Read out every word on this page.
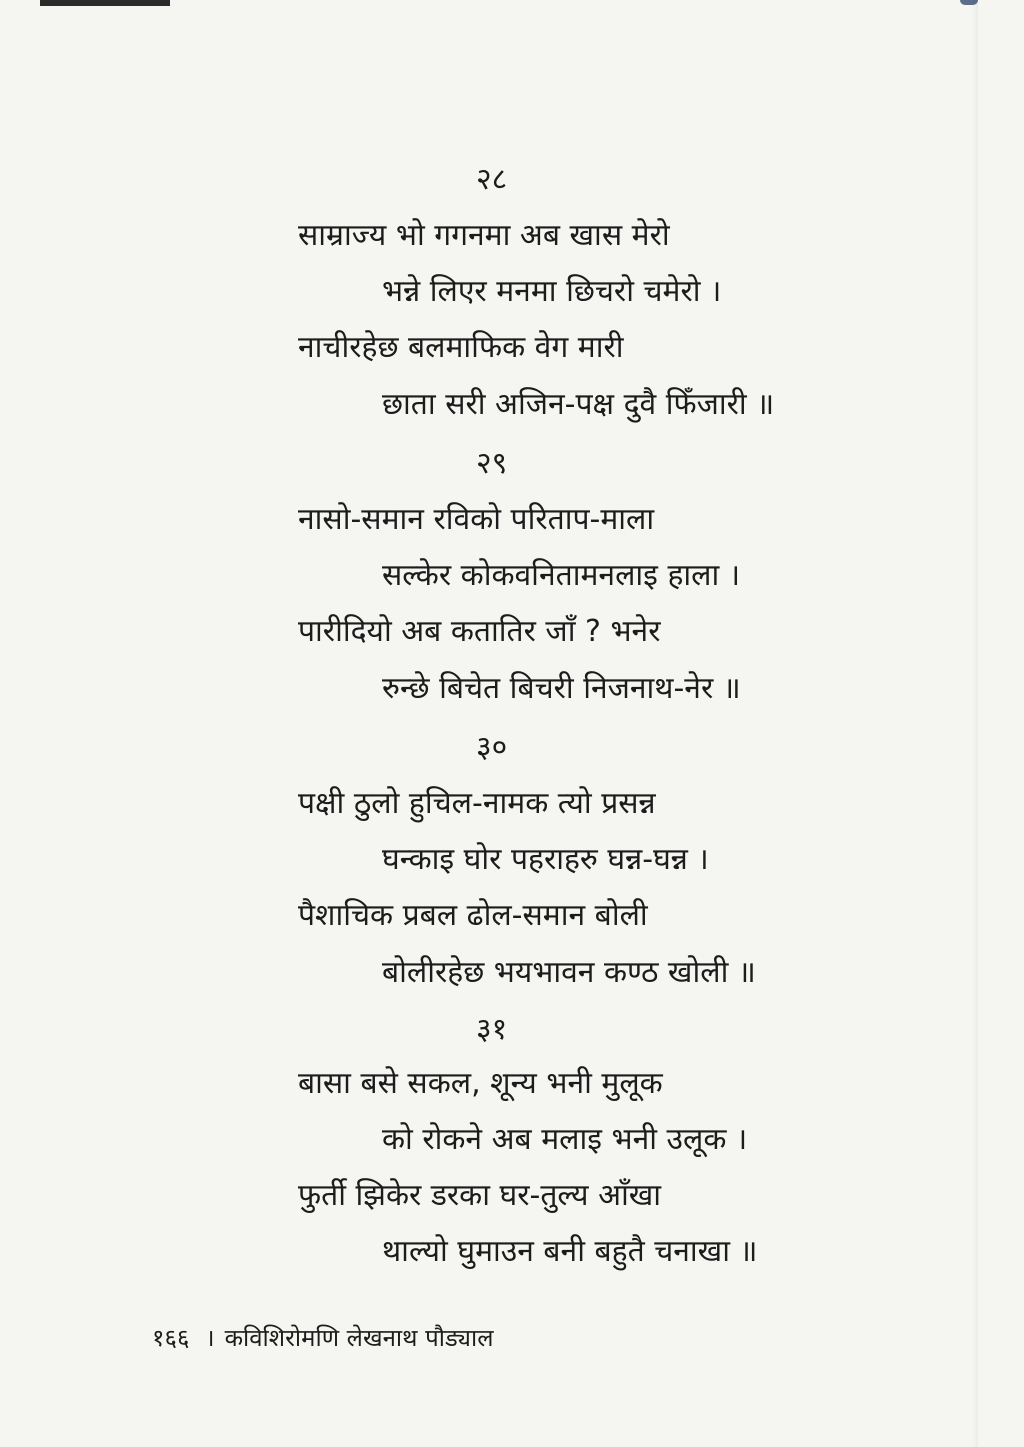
२८
साम्राज्य भो गगनमा अब खास मेरो
भन्ने लिएर मनमा छिचरो चमेरो ।
नाचीरहेछ बलमाफिक वेग मारी
छाता सरी अजिन-पक्ष दुवै फिँजारी ॥
२९
नासो-समान रविको परिताप-माला
सल्केर कोकवनितामनलाइ हाला ।
पारीदियो अब कतातिर जाँ ? भनेर
रुन्छे बिचेत बिचरी निजनाथ-नेर ॥
३०
पक्षी ठुलो हुचिल-नामक त्यो प्रसन्न
घन्काइ घोर पहराहरु घन्न-घन्न ।
पैशाचिक प्रबल ढोल-समान बोली
बोलीरहेछ भयभावन कण्ठ खोली ॥
३१
बासा बसे सकल, शून्य भनी मुलूक
को रोकने अब मलाइ भनी उलूक ।
फुर्ती झिकेर डरका घर-तुल्य आँखा
थाल्यो घुमाउन बनी बहुतै चनाखा ॥
१६६ । कविशिरोमणि लेखनाथ पौड्याल
